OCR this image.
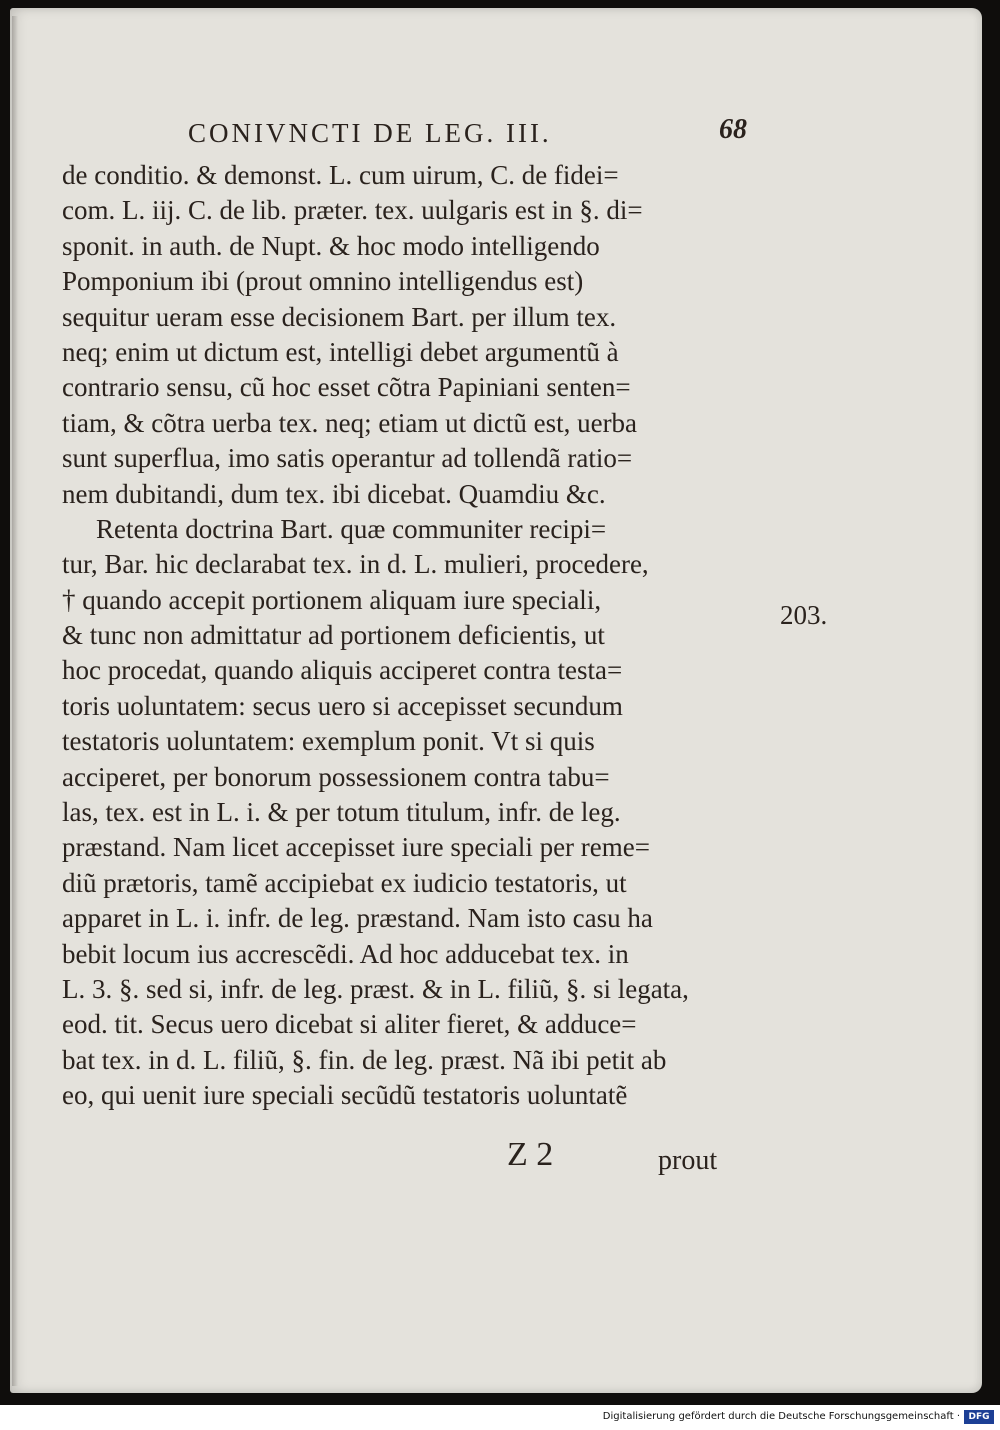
CONIVNCTI DE LEG. III.	68
de conditio. & demonst. L. cum uirum, C. de fidei=
com. L. iij. C. de lib. præter. tex. uulgaris est in §. di=
sponit. in auth. de Nupt. & hoc modo intelligendo
Pomponium ibi (prout omnino intelligendus est)
sequitur ueram esse decisionem Bart. per illum tex.
neq; enim ut dictum est, intelligi debet argumentũ à
contrario sensu, cũ hoc esset cõtra Papiniani senten=
tiam, & cõtra uerba tex. neq; etiam ut dictũ est, uerba
sunt superflua, imo satis operantur ad tollendã ratio=
nem dubitandi, dum tex. ibi dicebat. Quamdiu &c.
Retenta doctrina Bart. quæ communiter recipi=
tur, Bar. hic declarabat tex. in d. L. mulieri, procedere,
† quando accepit portionem aliquam iure speciali,
& tunc non admittatur ad portionem deficientis, ut
hoc procedat, quando aliquis acciperet contra testa=
toris uoluntatem: secus uero si accepisset secundum
testatoris uoluntatem: exemplum ponit. Vt si quis
acciperet, per bonorum possessionem contra tabu=
las, tex. est in L. i. & per totum titulum, infr. de leg.
præstand. Nam licet accepisset iure speciali per reme=
diũ prætoris, tamẽ accipiebat ex iudicio testatoris, ut
apparet in L. i. infr. de leg. præstand. Nam isto casu ha
bebit locum ius accrescẽdi. Ad hoc adducebat tex. in
L. 3. §. sed si, infr. de leg. præst. & in L. filiũ, §. si legata,
eod. tit. Secus uero dicebat si aliter fieret, & adduce=
bat tex. in d. L. filiũ, §. fin. de leg. præst. Nã ibi petit ab
eo, qui uenit iure speciali secũdũ testatoris uoluntatẽ
203.
Z 2	prout
Digitalisierung gefördert durch die Deutsche Forschungsgemeinschaft · DFG
